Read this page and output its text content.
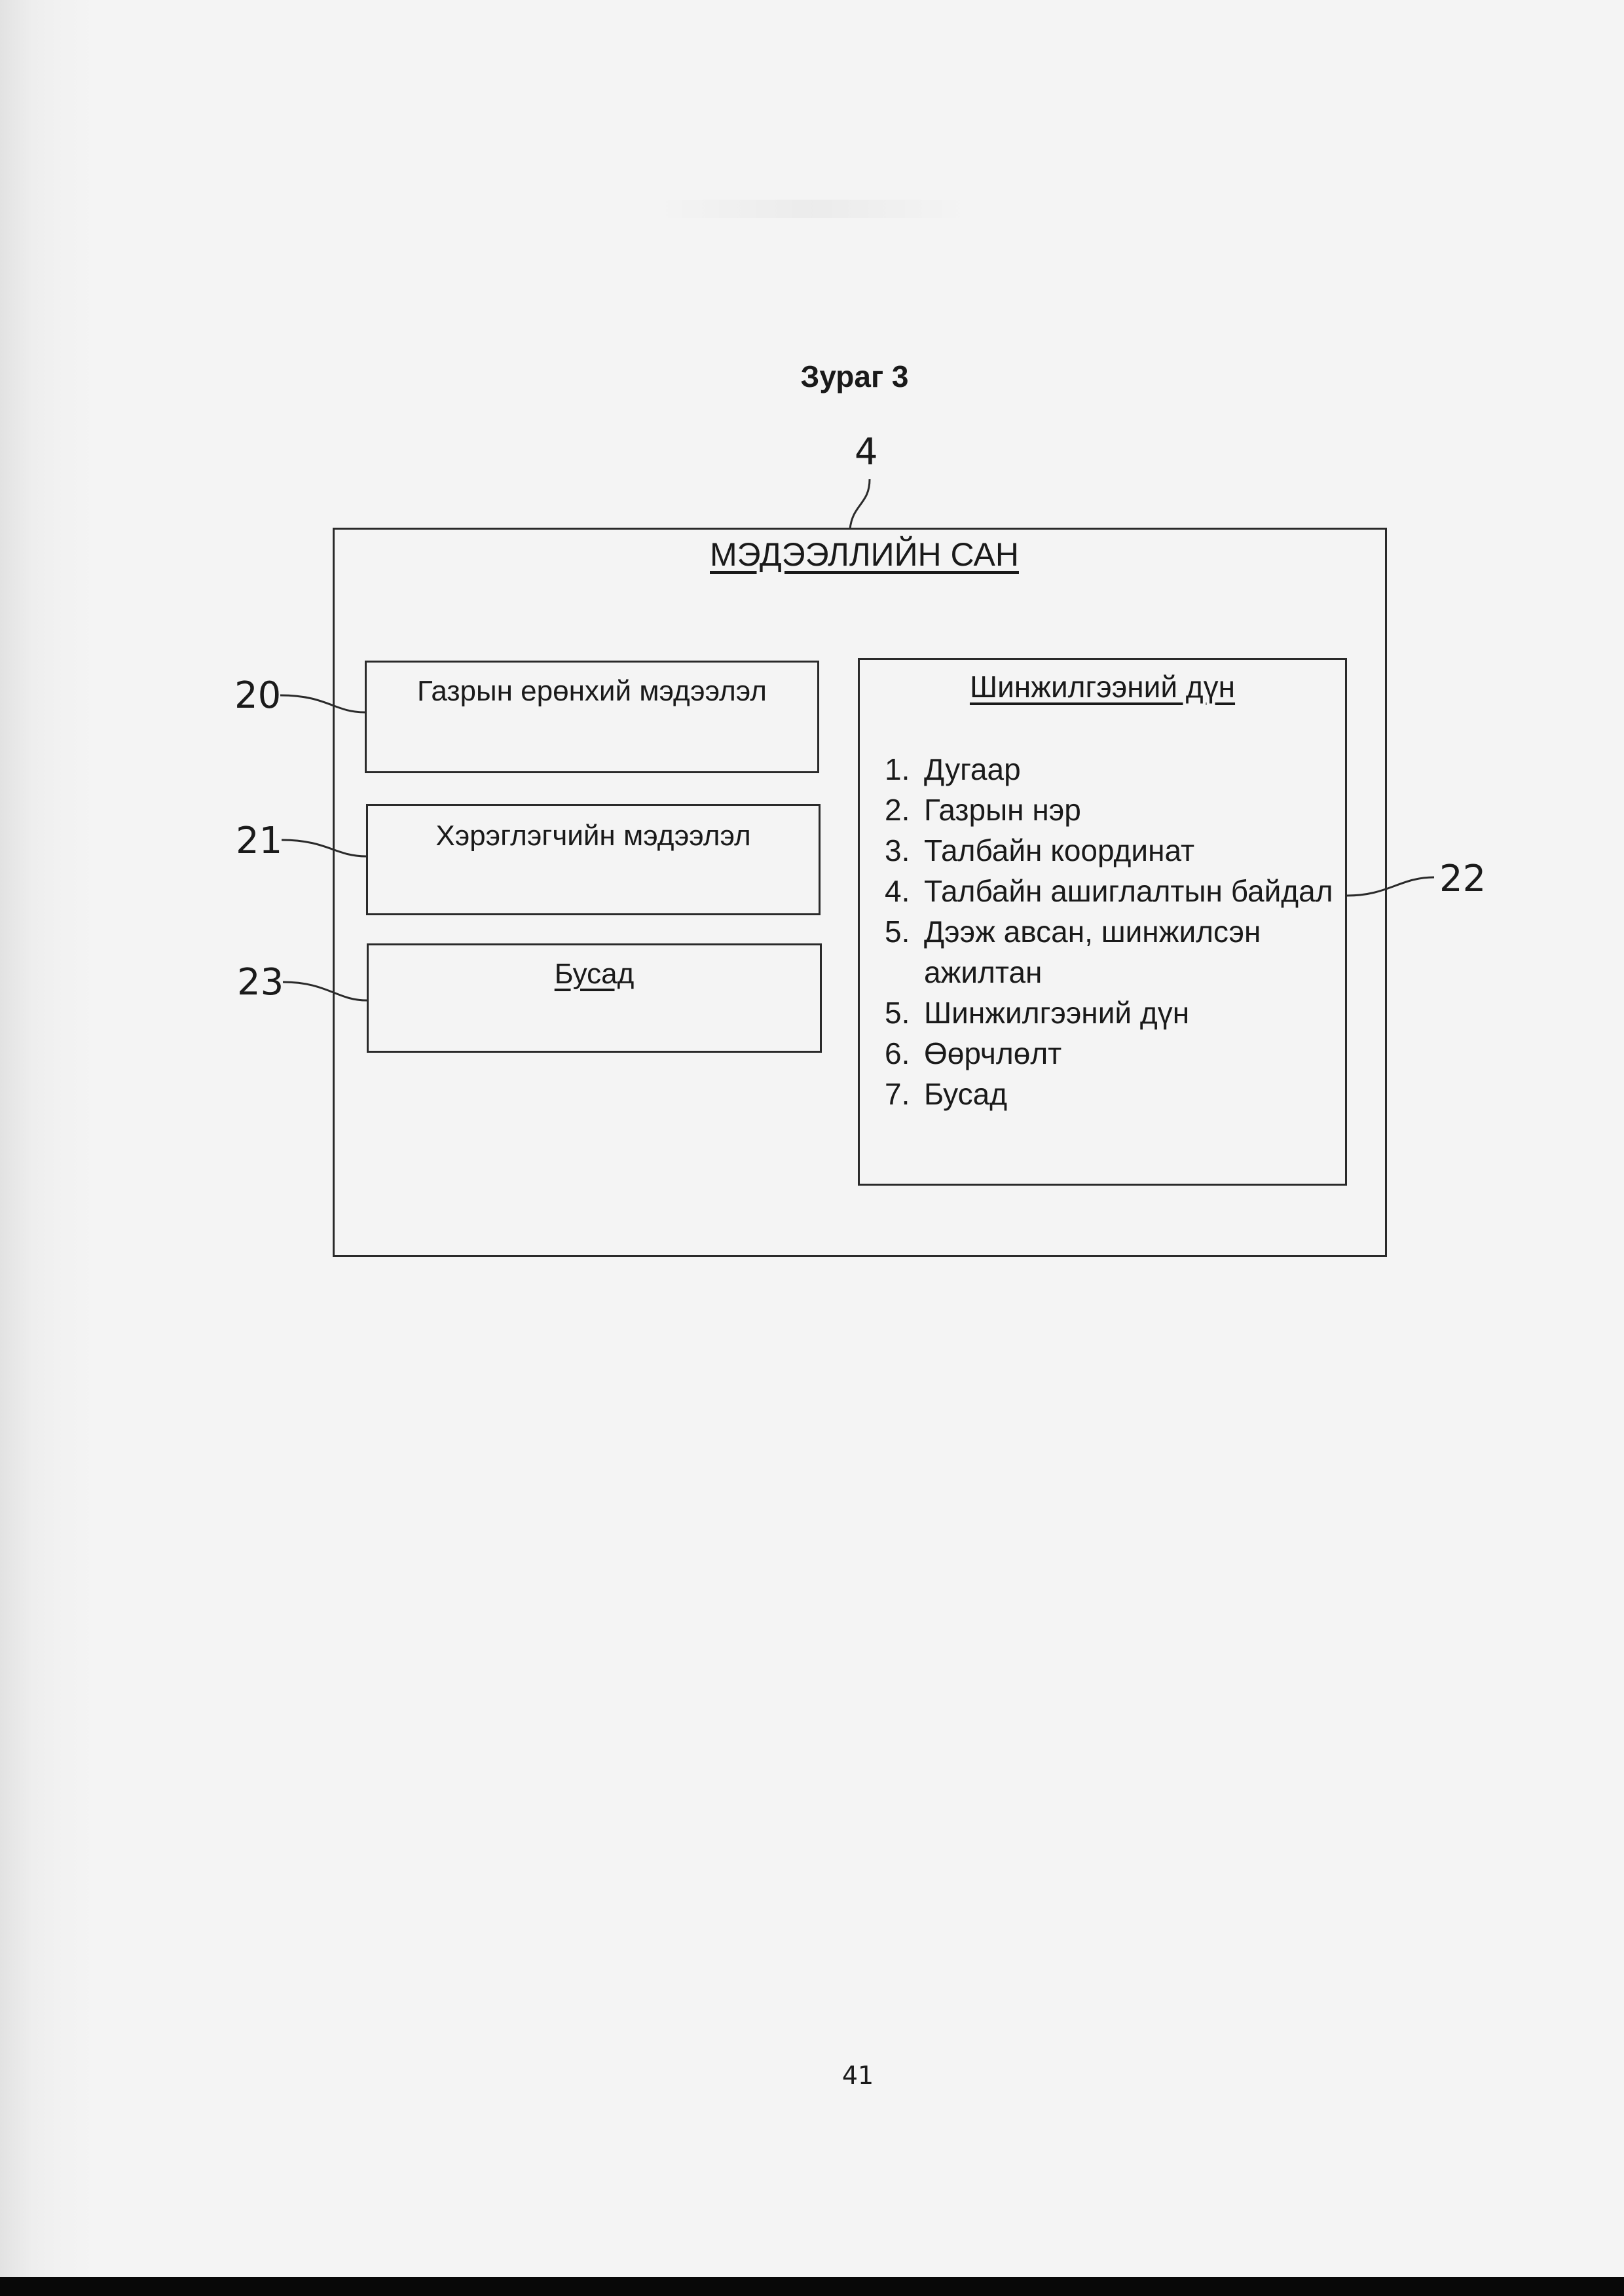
Зураг 3
4
МЭДЭЭЛЛИЙН САН
Газрын ерөнхий мэдээлэл
20
Хэрэглэгчийн мэдээлэл
21
Бусад
23
Шинжилгээний дүн
1. Дугаар
2. Газрын нэр
3. Талбайн координат
4. Талбайн ашиглалтын байдал
5. Дээж авсан, шинжилсэн ажилтан
5. Шинжилгээний дүн
6. Өөрчлөлт
7. Бусад
22
41
